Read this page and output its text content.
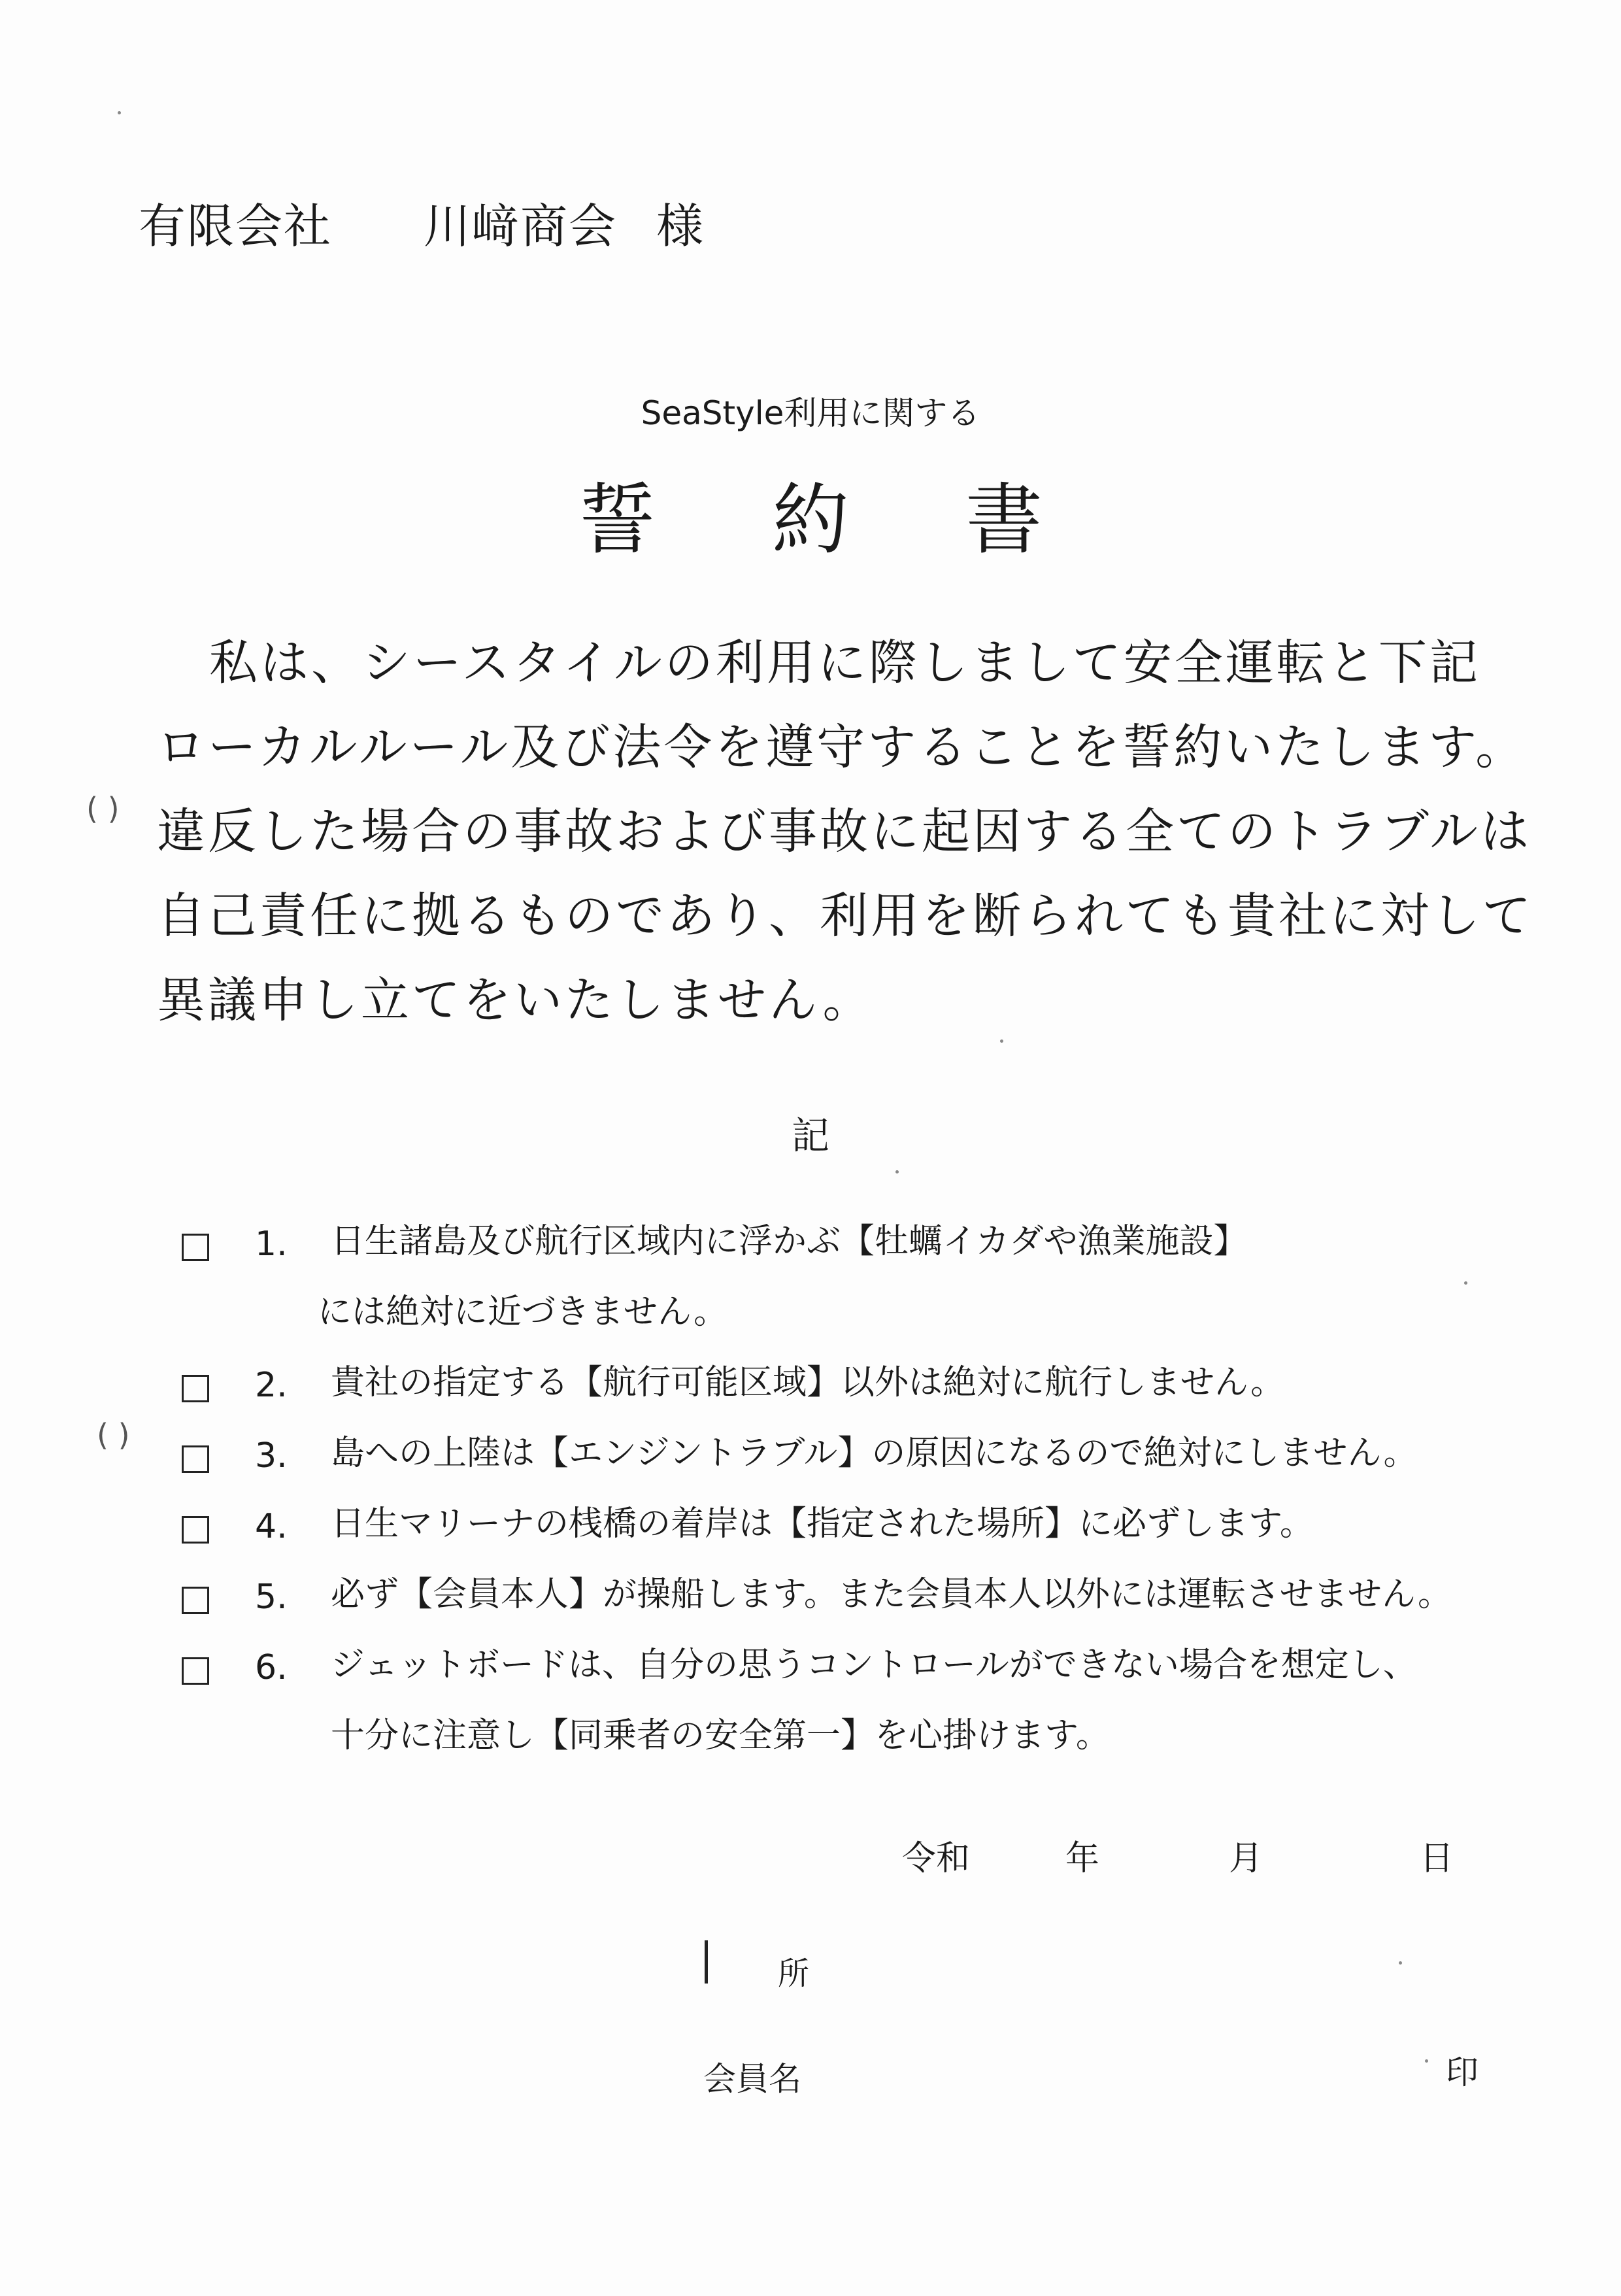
有限会社 川﨑商会 様
SeaStyle利用に関する
誓約書

私は、シースタイルの利用に際しまして安全運転と下記

ローカルルール及び法令を遵守することを誓約いたします。

違反した場合の事故および事故に起因する全てのトラブルは

自己責任に拠るものであり、利用を断られても貴社に対して

異議申し立てをいたしません。

記
1. 日生諸島及び航行区域内に浮かぶ【牡蠣イカダや漁業施設】
には絶対に近づきません。
2. 貴社の指定する【航行可能区域】以外は絶対に航行しません。
3. 島への上陸は【エンジントラブル】の原因になるので絶対にしません。
4. 日生マリーナの桟橋の着岸は【指定された場所】に必ずします。
5. 必ず【会員本人】が操船します。また会員本人以外には運転させません。
6. ジェットボードは、自分の思うコントロールができない場合を想定し、
十分に注意し【同乗者の安全第一】を心掛けます。
令和	年	月	日
所
会員名	印
( )
( )
